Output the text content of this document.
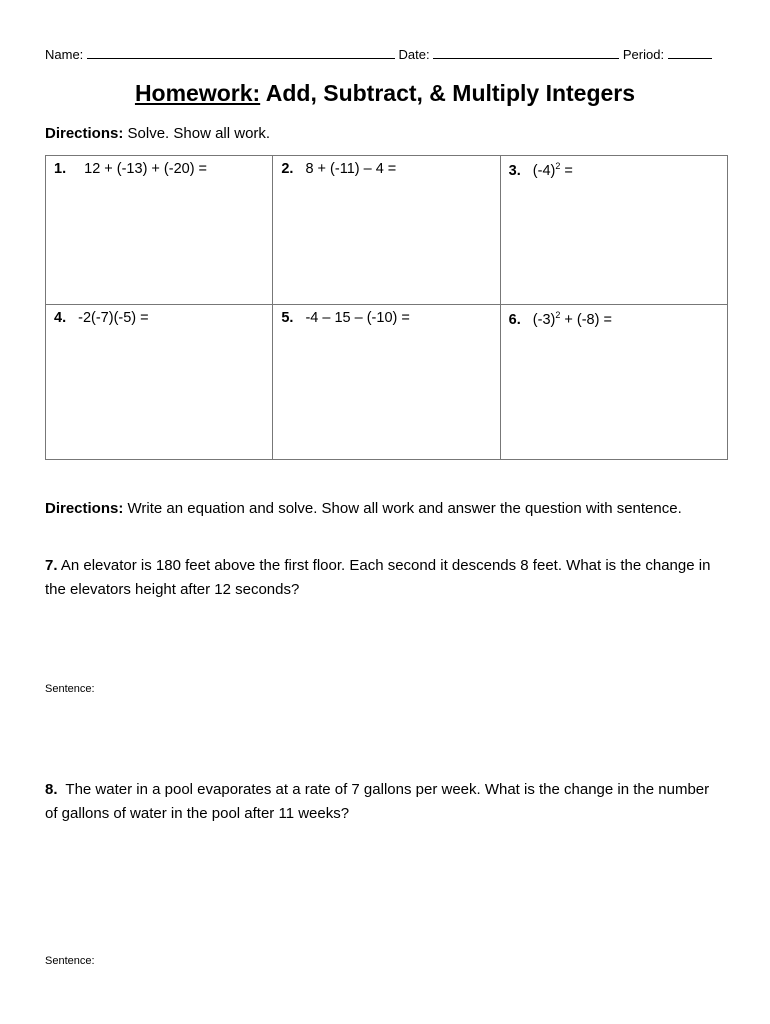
Name:	Date:	Period:
Homework: Add, Subtract, & Multiply Integers
Directions: Solve. Show all work.
1. 12 + (-13) + (-20) =	2. 8 + (-11) – 4 =	3. $(-4)^2$ =
4. -2(-7)(-5) =	5. -4 – 15 – (-10) =	6. $(-3)^2 + (-8)$ =
Directions: Write an equation and solve. Show all work and answer the question with sentence.
7. An elevator is 180 feet above the first floor. Each second it descends 8 feet. What is the change in the elevators height after 12 seconds?
Sentence:
8. The water in a pool evaporates at a rate of 7 gallons per week. What is the change in the number of gallons of water in the pool after 11 weeks?
Sentence:
